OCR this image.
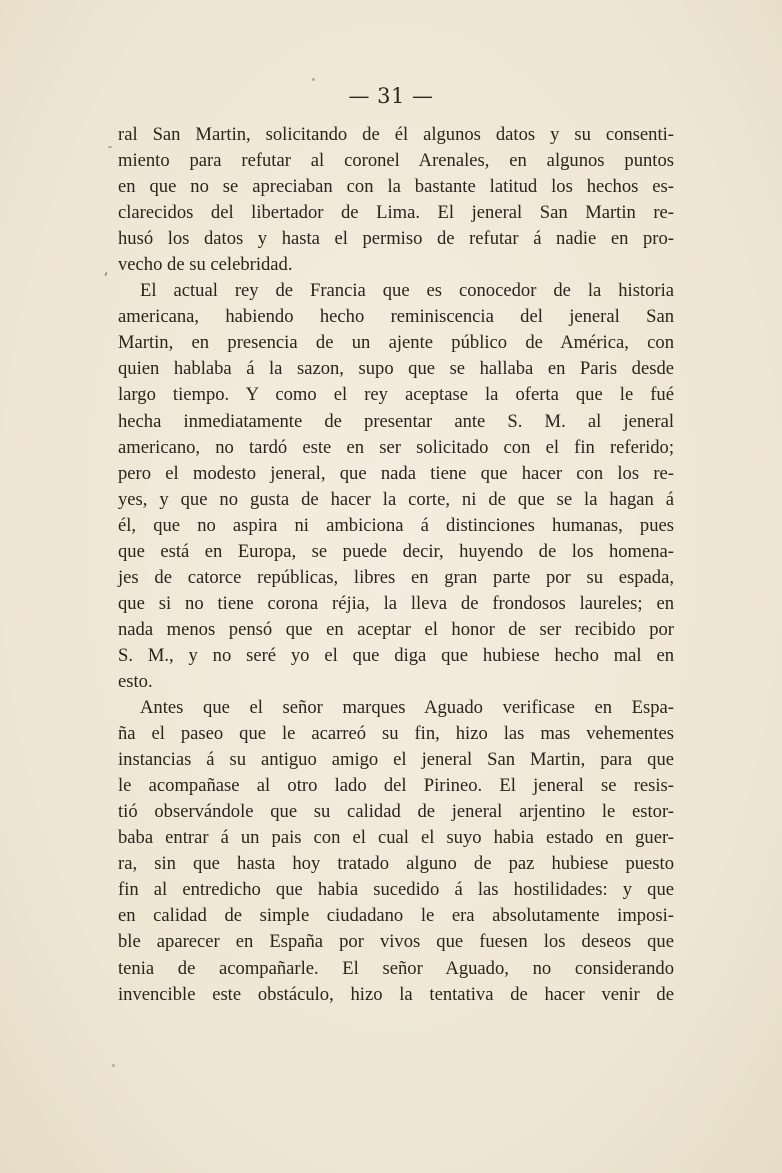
— 31 —
,
ral San Martin, solicitando de él algunos datos y su consenti-
miento para refutar al coronel Arenales, en algunos puntos
en que no se apreciaban con la bastante latitud los hechos es-
clarecidos del libertador de Lima. El jeneral San Martin re-
husó los datos y hasta el permiso de refutar á nadie en pro-
vecho de su celebridad.
El actual rey de Francia que es conocedor de la historia
americana, habiendo hecho reminiscencia del jeneral San
Martin, en presencia de un ajente público de América, con
quien hablaba á la sazon, supo que se hallaba en Paris desde
largo tiempo. Y como el rey aceptase la oferta que le fué
hecha inmediatamente de presentar ante S. M. al jeneral
americano, no tardó este en ser solicitado con el fin referido;
pero el modesto jeneral, que nada tiene que hacer con los re-
yes, y que no gusta de hacer la corte, ni de que se la hagan á
él, que no aspira ni ambiciona á distinciones humanas, pues
que está en Europa, se puede decir, huyendo de los homena-
jes de catorce repúblicas, libres en gran parte por su espada,
que si no tiene corona réjia, la lleva de frondosos laureles; en
nada menos pensó que en aceptar el honor de ser recibido por
S. M., y no seré yo el que diga que hubiese hecho mal en
esto.
Antes que el señor marques Aguado verificase en Espa-
ña el paseo que le acarreó su fin, hizo las mas vehementes
instancias á su antiguo amigo el jeneral San Martin, para que
le acompañase al otro lado del Pirineo. El jeneral se resis-
tió observándole que su calidad de jeneral arjentino le estor-
baba entrar á un pais con el cual el suyo habia estado en guer-
ra, sin que hasta hoy tratado alguno de paz hubiese puesto
fin al entredicho que habia sucedido á las hostilidades: y que
en calidad de simple ciudadano le era absolutamente imposi-
ble aparecer en España por vivos que fuesen los deseos que
tenia de acompañarle. El señor Aguado, no considerando
invencible este obstáculo, hizo la tentativa de hacer venir de
